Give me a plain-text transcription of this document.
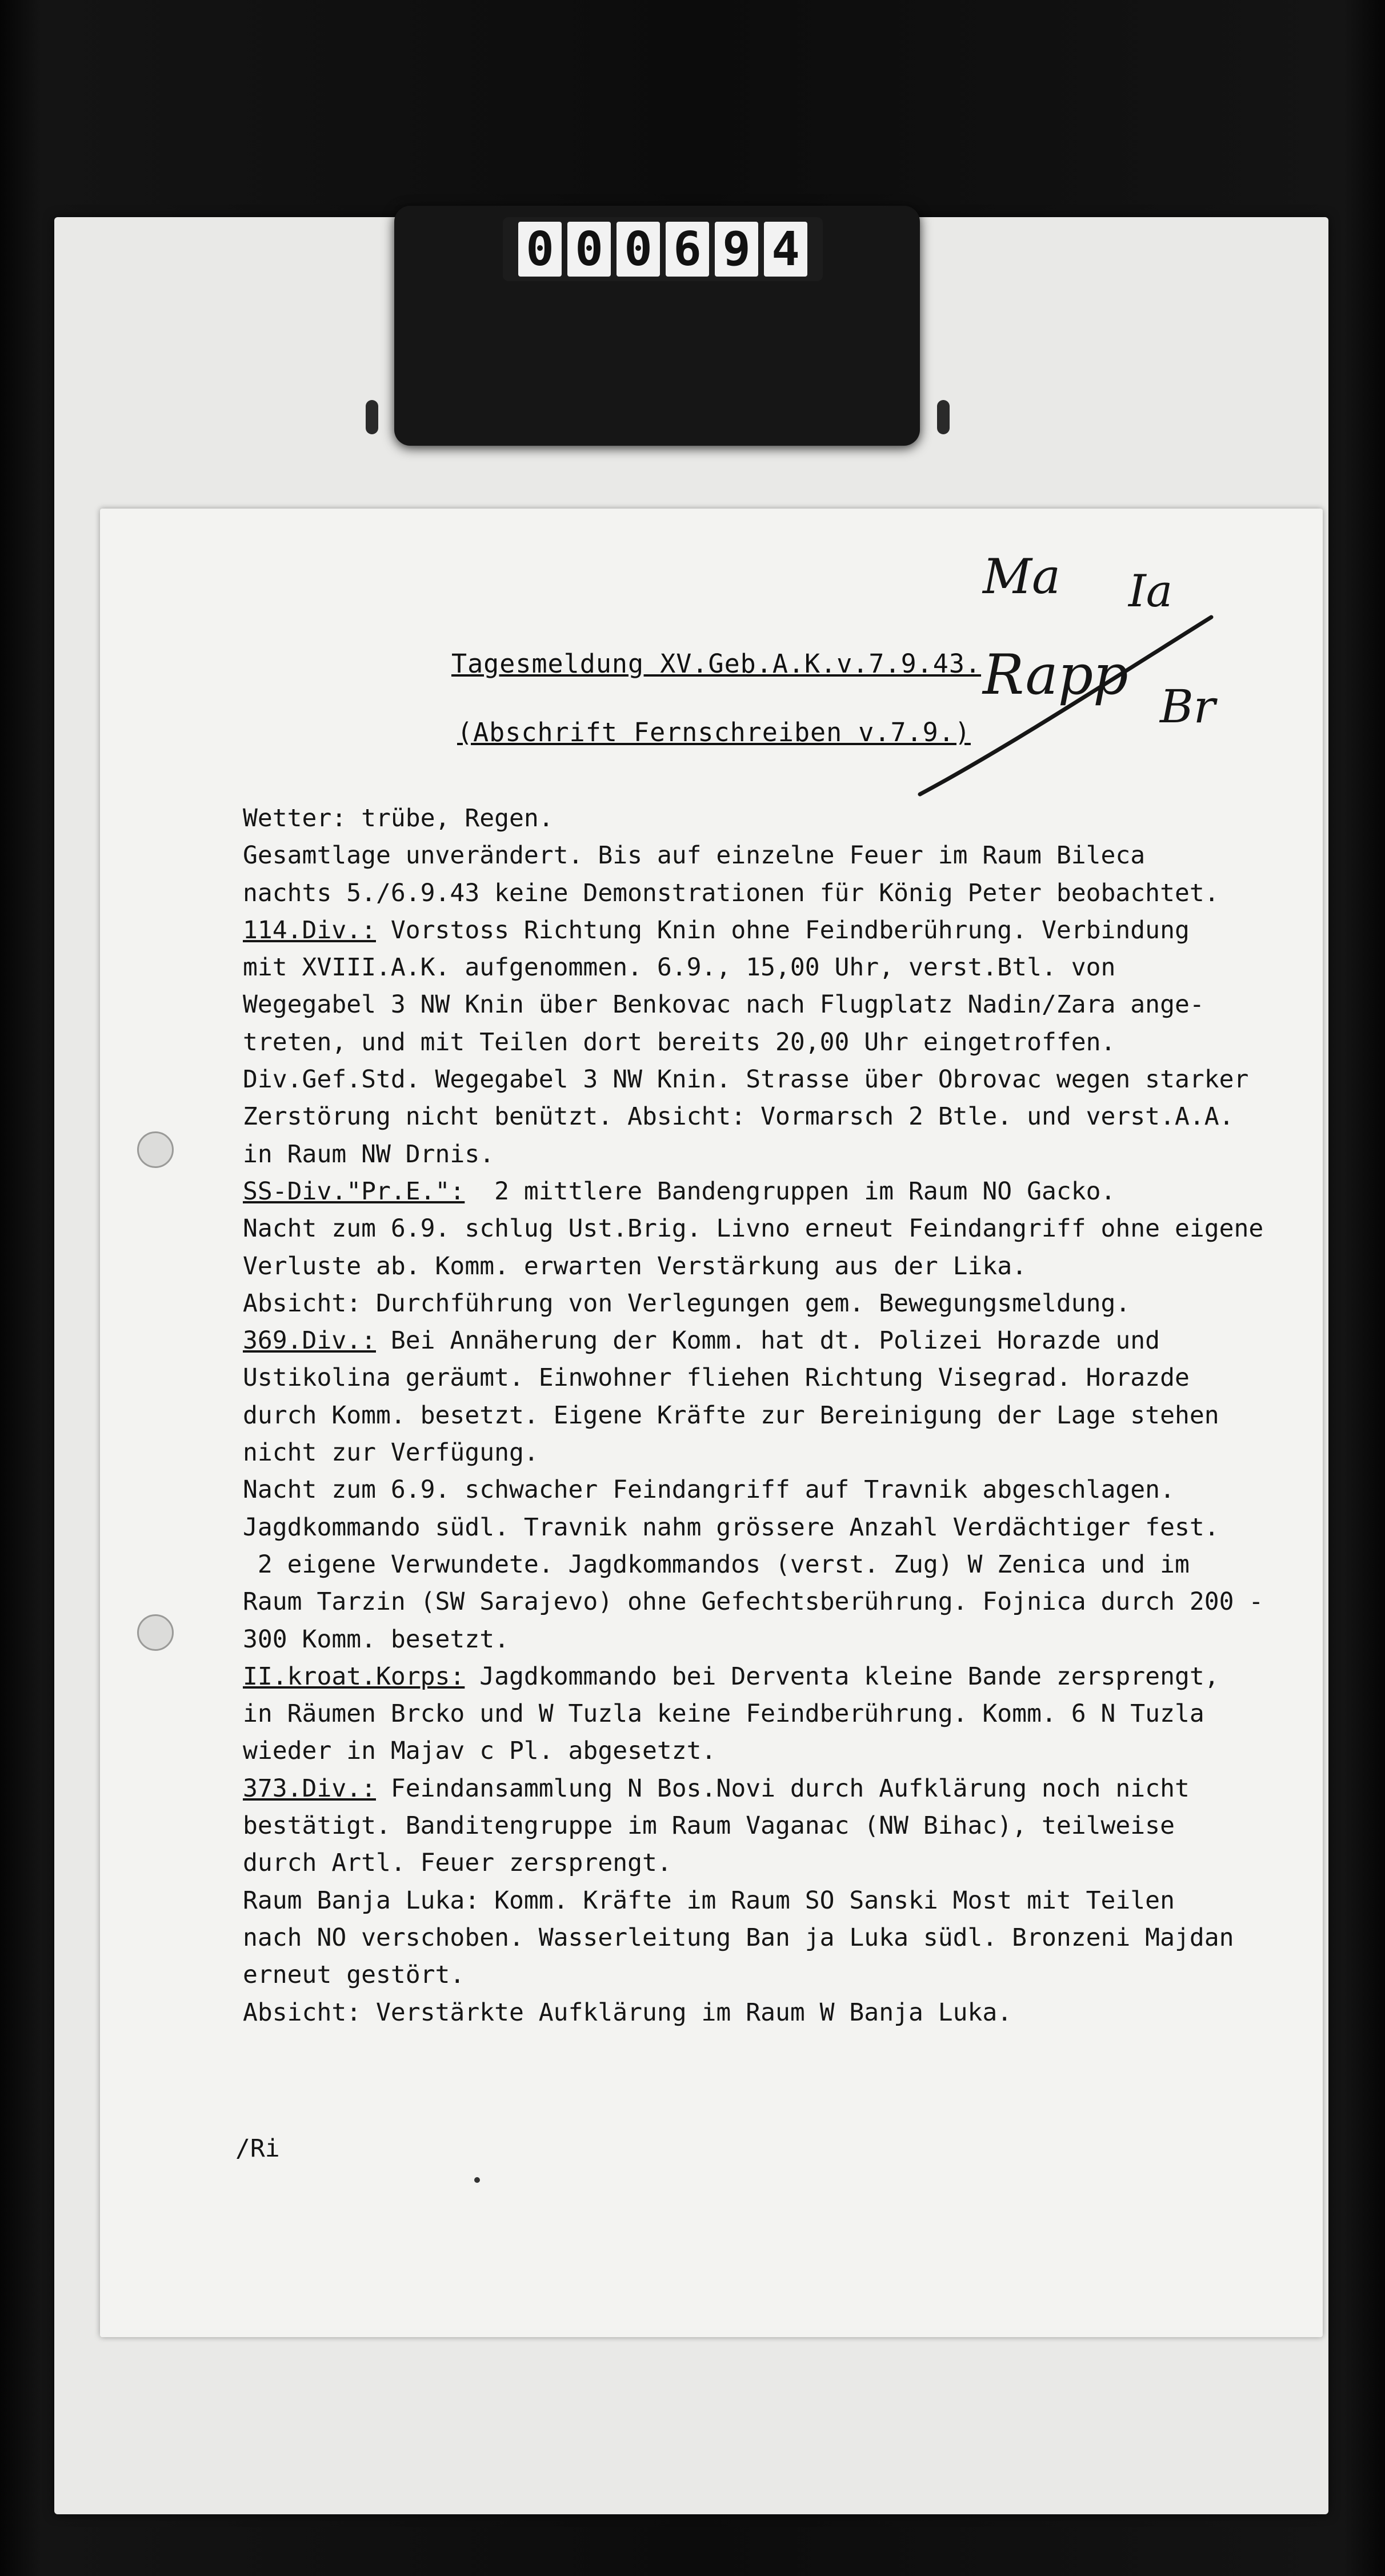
0 0 0 6 9 4
Tagesmeldung XV.Geb.A.K.v.7.9.43.
(Abschrift Fernschreiben v.7.9.)
Ma Ia
Rapp Br
Wetter: trübe, Regen.
Gesamtlage unverändert. Bis auf einzelne Feuer im Raum Bileca
nachts 5./6.9.43 keine Demonstrationen für König Peter beobachtet.
114.Div.: Vorstoss Richtung Knin ohne Feindberührung. Verbindung
mit XVIII.A.K. aufgenommen. 6.9., 15,00 Uhr, verst.Btl. von
Wegegabel 3 NW Knin über Benkovac nach Flugplatz Nadin/Zara ange-
treten, und mit Teilen dort bereits 20,00 Uhr eingetroffen.
Div.Gef.Std. Wegegabel 3 NW Knin. Strasse über Obrovac wegen starker
Zerstörung nicht benützt. Absicht: Vormarsch 2 Btle. und verst.A.A.
in Raum NW Drnis.
SS-Div."Pr.E.":  2 mittlere Bandengruppen im Raum NO Gacko.
Nacht zum 6.9. schlug Ust.Brig. Livno erneut Feindangriff ohne eigene
Verluste ab. Komm. erwarten Verstärkung aus der Lika.
Absicht: Durchführung von Verlegungen gem. Bewegungsmeldung.
369.Div.: Bei Annäherung der Komm. hat dt. Polizei Horazde und
Ustikolina geräumt. Einwohner fliehen Richtung Visegrad. Horazde
durch Komm. besetzt. Eigene Kräfte zur Bereinigung der Lage stehen
nicht zur Verfügung.
Nacht zum 6.9. schwacher Feindangriff auf Travnik abgeschlagen.
Jagdkommando südl. Travnik nahm grössere Anzahl Verdächtiger fest.
2 eigene Verwundete. Jagdkommandos (verst. Zug) W Zenica und im
Raum Tarzin (SW Sarajevo) ohne Gefechtsberührung. Fojnica durch 200 -
300 Komm. besetzt.
II.kroat.Korps: Jagdkommando bei Derventa kleine Bande zersprengt,
in Räumen Brcko und W Tuzla keine Feindberührung. Komm. 6 N Tuzla
wieder in Majav c Pl. abgesetzt.
373.Div.: Feindansammlung N Bos.Novi durch Aufklärung noch nicht
bestätigt. Banditengruppe im Raum Vaganac (NW Bihac), teilweise
durch Artl. Feuer zersprengt.
Raum Banja Luka: Komm. Kräfte im Raum SO Sanski Most mit Teilen
nach NO verschoben. Wasserleitung Ban ja Luka südl. Bronzeni Majdan
erneut gestört.
Absicht: Verstärkte Aufklärung im Raum W Banja Luka.
/Ri
